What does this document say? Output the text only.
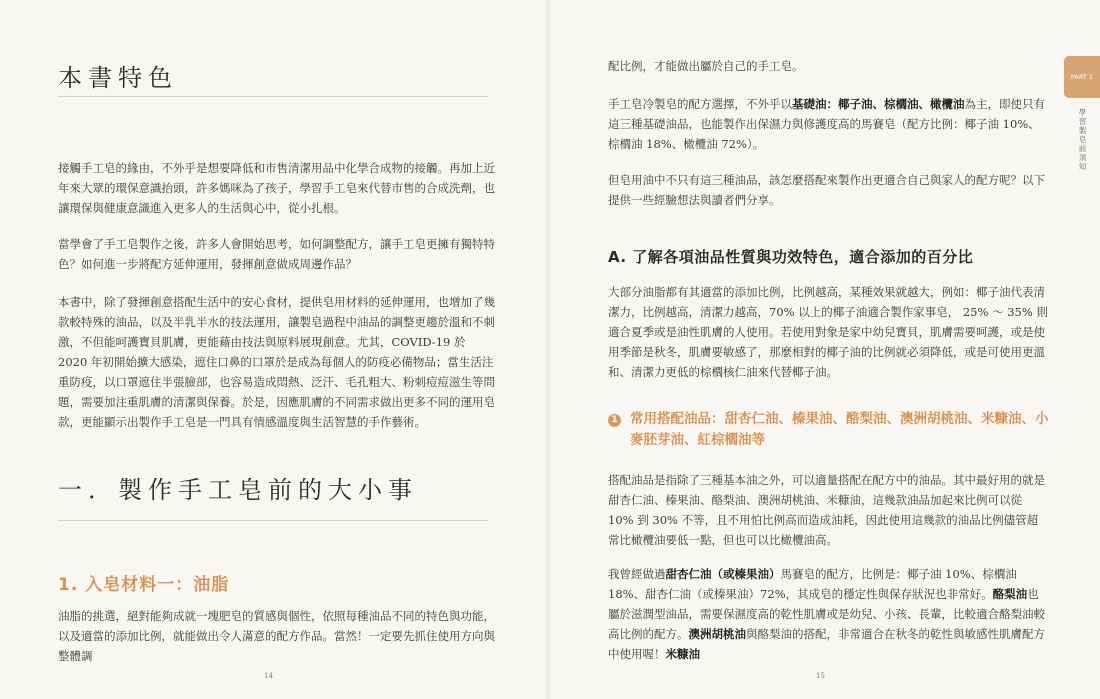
本書特色
接觸手工皂的緣由，不外乎是想要降低和市售清潔用品中化學合成物的接觸。再加上近年來大眾的環保意識抬頭，許多媽咪為了孩子，學習手工皂來代替市售的合成洗劑，也讓環保與健康意識進入更多人的生活與心中，從小扎根。
當學會了手工皂製作之後，許多人會開始思考，如何調整配方，讓手工皂更擁有獨特特色？如何進一步將配方延伸運用，發揮創意做成周邊作品？
本書中，除了發揮創意搭配生活中的安心食材，提供皂用材料的延伸運用，也增加了幾款較特殊的油品，以及半乳半水的技法運用，讓製皂過程中油品的調整更趨於溫和不刺激，不但能呵護寶貝肌膚，更能藉由技法與原料展現創意。尤其，COVID-19 於 2020 年初開始擴大感染，遮住口鼻的口罩於是成為每個人的防疫必備物品；當生活注重防疫，以口罩遮住半張臉部，也容易造成悶熱、泛汗、毛孔粗大、粉刺痘痘滋生等問題，需要加注重肌膚的清潔與保養。於是，因應肌膚的不同需求做出更多不同的運用皂款，更能顯示出製作手工皂是一門具有情感溫度與生活智慧的手作藝術。
一．製作手工皂前的大小事
1. 入皂材料一：油脂
油脂的挑選，絕對能夠成就一塊肥皂的質感與個性，依照每種油品不同的特色與功能，以及適當的添加比例，就能做出令人滿意的配方作品。當然！一定要先抓住使用方向與整體調
14
配比例，才能做出屬於自己的手工皂。
手工皂冷製皂的配方選擇，不外乎以基礎油：椰子油、棕櫚油、橄欖油為主，即使只有這三種基礎油品，也能製作出保濕力與修護度高的馬賽皂（配方比例：椰子油 10%、棕櫚油 18%、橄欖油 72%）。
但皂用油中不只有這三種油品，該怎麼搭配來製作出更適合自己與家人的配方呢？以下提供一些經驗想法與讀者們分享。
A. 了解各項油品性質與功效特色，適合添加的百分比
大部分油脂都有其適當的添加比例，比例越高，某種效果就越大，例如：椰子油代表清潔力，比例越高，清潔力越高，70% 以上的椰子油適合製作家事皂， 25% ～ 35% 則適合夏季或是油性肌膚的人使用。若使用對象是家中幼兒寶貝，肌膚需要呵護，或是使用季節是秋冬，肌膚要敏感了，那麼相對的椰子油的比例就必須降低，或是可使用更溫和、清潔力更低的棕櫚核仁油來代替椰子油。
1 常用搭配油品：甜杏仁油、榛果油、酪梨油、澳洲胡桃油、米糠油、小麥胚芽油、紅棕櫚油等
搭配油品是指除了三種基本油之外，可以適量搭配在配方中的油品。其中最好用的就是甜杏仁油、榛果油、酪梨油、澳洲胡桃油、米糠油，這幾款油品加起來比例可以從 10% 到 30% 不等，且不用怕比例高而造成油耗，因此使用這幾款的油品比例儘管超常比橄欖油要低一點，但也可以比橄欖油高。
我曾經做過甜杏仁油（或榛果油）馬賽皂的配方，比例是：椰子油 10%、棕櫚油 18%、甜杏仁油（或榛果油）72%，其成皂的穩定性與保存狀況也非常好。酪梨油也屬於滋潤型油品，需要保濕度高的乾性肌膚或是幼兒、小孩、長輩，比較適合酪梨油較高比例的配方。澳洲胡桃油與酪梨油的搭配，非常適合在秋冬的乾性與敏感性肌膚配方中使用喔！米糠油
15
PART 1
學習製皂前須知
